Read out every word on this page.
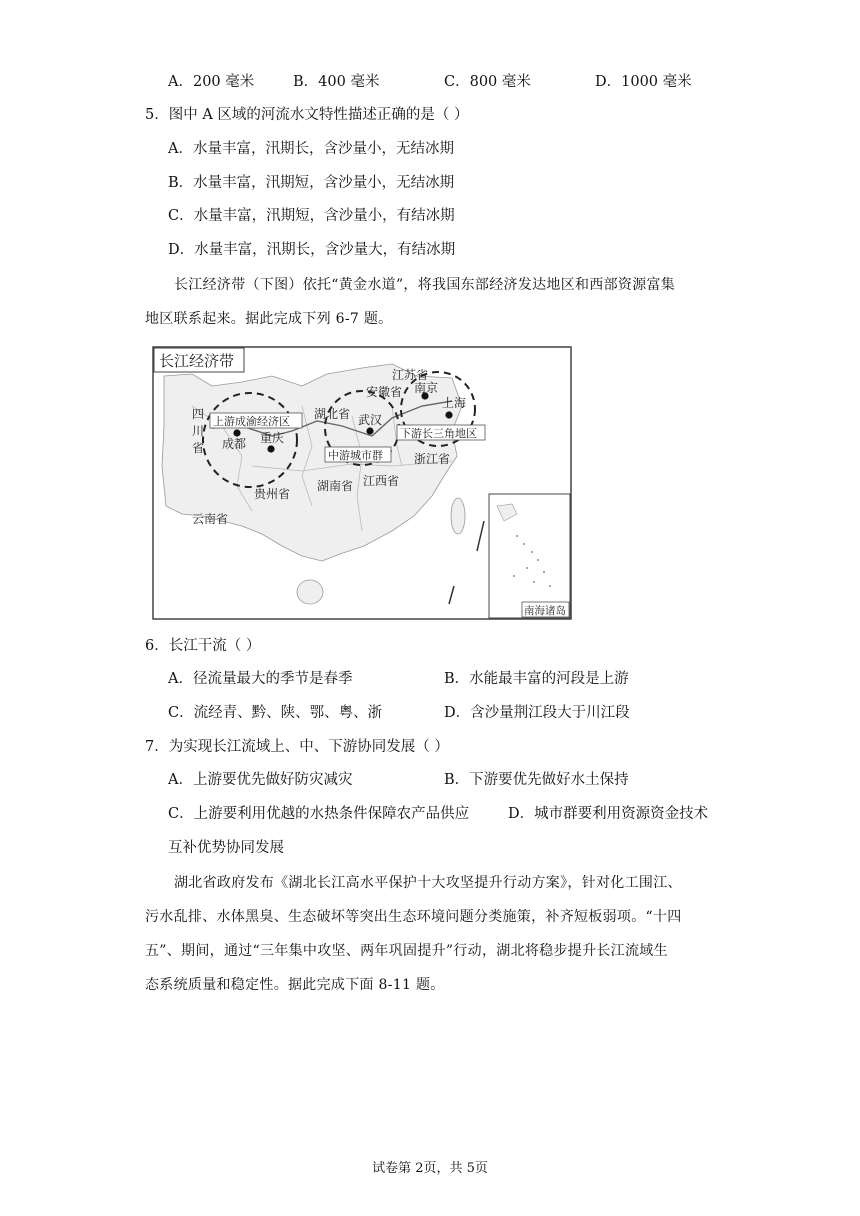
A．200 毫米	B．400 毫米	C．800 毫米	D．1000 毫米
5．图中 A 区域的河流水文特性描述正确的是（ ）
A．水量丰富，汛期长，含沙量小，无结冰期
B．水量丰富，汛期短，含沙量小，无结冰期
C．水量丰富，汛期短，含沙量小，有结冰期
D．水量丰富，汛期长，含沙量大，有结冰期
长江经济带（下图）依托“黄金水道”，将我国东部经济发达地区和西部资源富集
地区联系起来。据此完成下列 6-7 题。
长江经济带
四
川
省
贵州省
云南省
湖北省
湖南省 江西省
安徽省
江苏省
浙江省
成都 重庆
武汉
南京
上海
上游成渝经济区
中游城市群
下游长三角地区
南海诸岛
6．长江干流（ ）
A．径流量最大的季节是春季	B．水能最丰富的河段是上游
C．流经青、黔、陕、鄂、粤、浙	D．含沙量荆江段大于川江段
7．为实现长江流域上、中、下游协同发展（ ）
A．上游要优先做好防灾减灾	B．下游要优先做好水土保持
C．上游要利用优越的水热条件保障农产品供应	D．城市群要利用资源资金技术
互补优势协同发展
湖北省政府发布《湖北长江高水平保护十大攻坚提升行动方案》，针对化工围江、
污水乱排、水体黑臭、生态破坏等突出生态环境问题分类施策，补齐短板弱项。“十四
五”、期间，通过“三年集中攻坚、两年巩固提升”行动，湖北将稳步提升长江流域生
态系统质量和稳定性。据此完成下面 8-11 题。
试卷第 2页，共 5页
